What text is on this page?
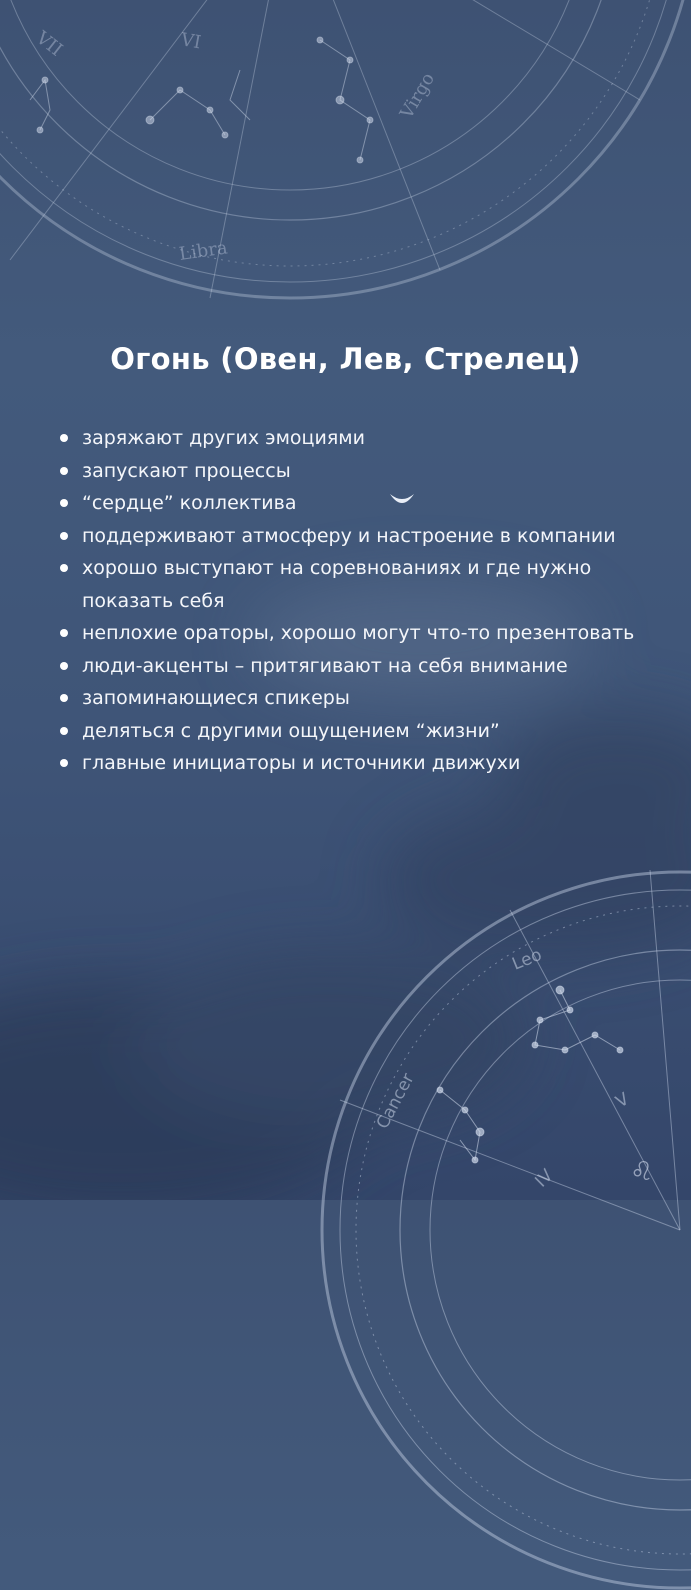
VII	VI
Virgo
Libra
Leo
Cancer	V
IV	♌
Огонь (Овен, Лев, Стрелец)
заряжают других эмоциями
запускают процессы
“сердце” коллектива
поддерживают атмосферу и настроение в компании
хорошо выступают на соревнованиях и где нужно показать себя
неплохие ораторы, хорошо могут что-то презентовать
люди-акценты – притягивают на себя внимание
запоминающиеся спикеры
деляться с другими ощущением “жизни”
главные инициаторы и источники движухи
